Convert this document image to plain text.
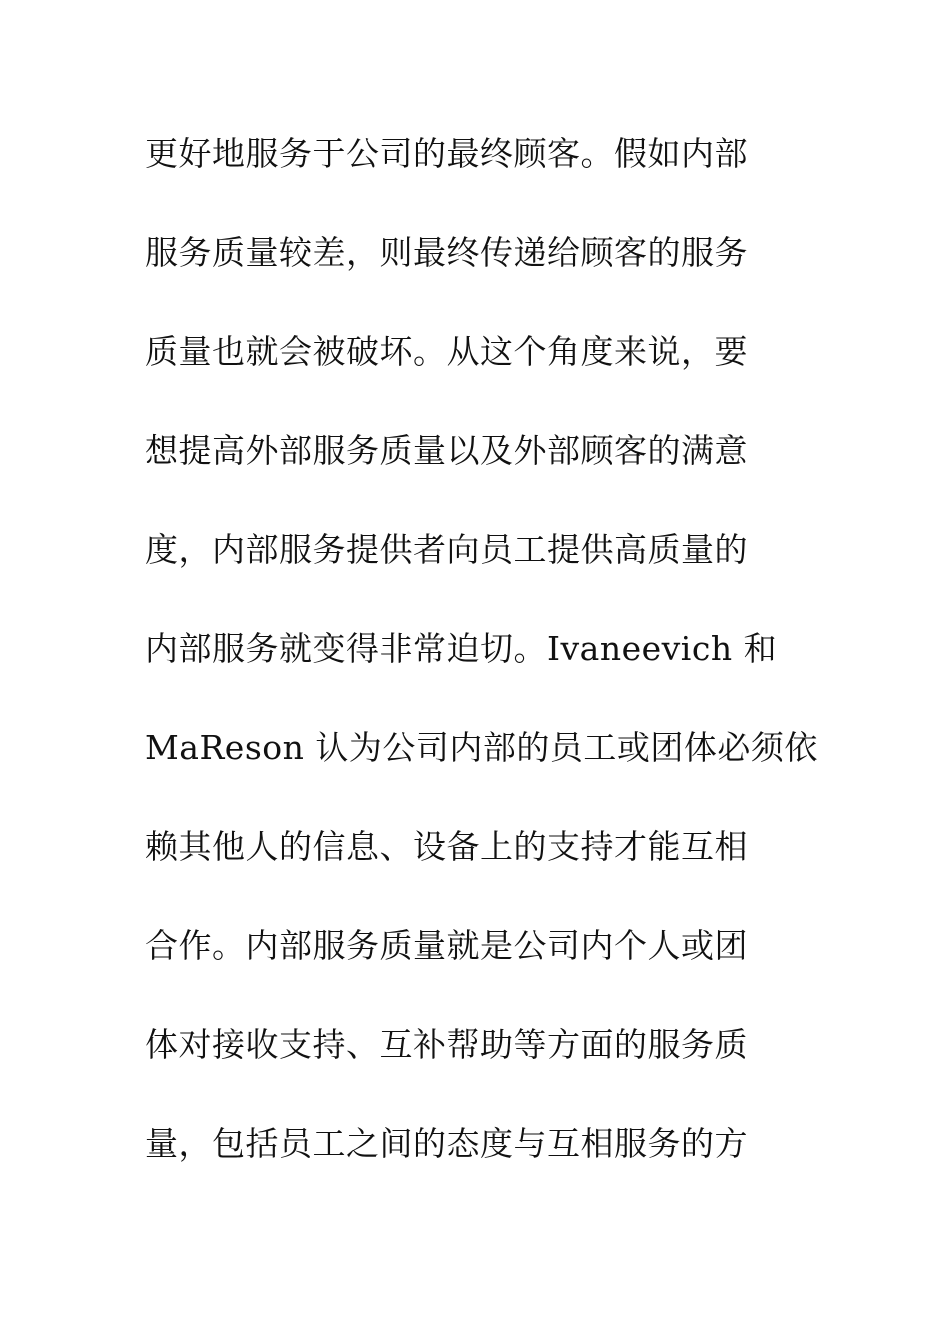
更好地服务于公司的最终顾客。假如内部
服务质量较差，则最终传递给顾客的服务
质量也就会被破坏。从这个角度来说，要
想提高外部服务质量以及外部顾客的满意
度，内部服务提供者向员工提供高质量的
内部服务就变得非常迫切。Ivaneevich 和
MaReson 认为公司内部的员工或团体必须依
赖其他人的信息、设备上的支持才能互相
合作。内部服务质量就是公司内个人或团
体对接收支持、互补帮助等方面的服务质
量，包括员工之间的态度与互相服务的方
